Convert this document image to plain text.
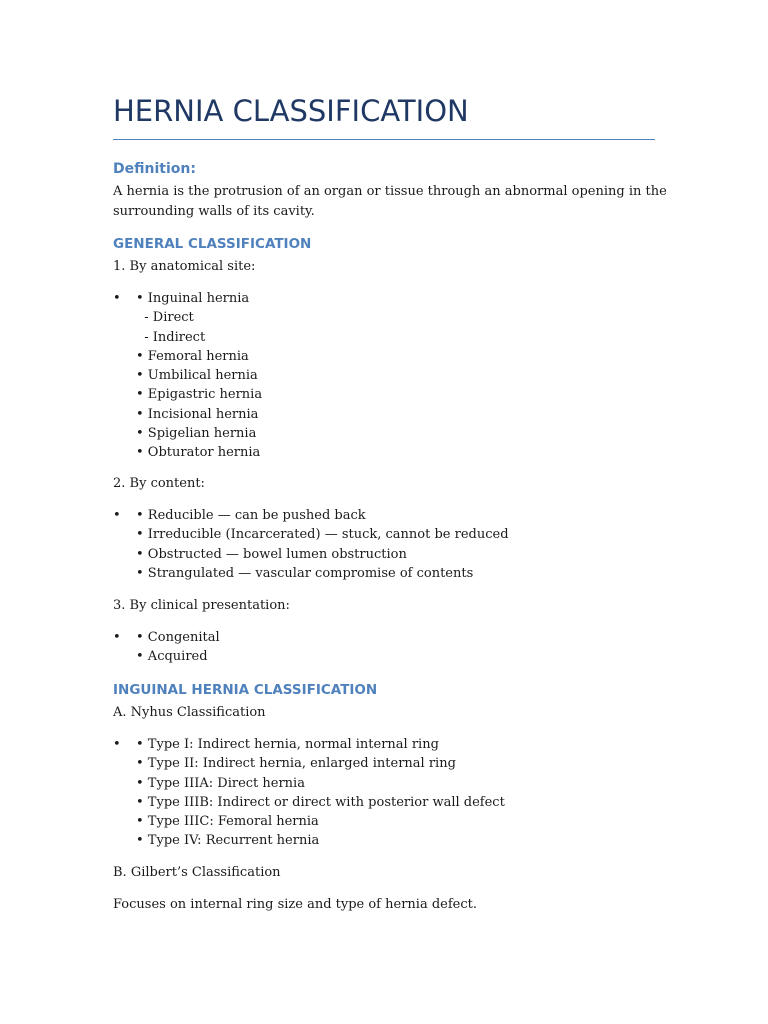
HERNIA CLASSIFICATION
Definition:

A hernia is the protrusion of an organ or tissue through an abnormal opening in the

surrounding walls of its cavity.

GENERAL CLASSIFICATION

1. By anatomical site:

• • Inguinal hernia
- Direct
- Indirect
• Femoral hernia
• Umbilical hernia
• Epigastric hernia
• Incisional hernia
• Spigelian hernia
• Obturator hernia

2. By content:

• • Reducible — can be pushed back
• Irreducible (Incarcerated) — stuck, cannot be reduced
• Obstructed — bowel lumen obstruction
• Strangulated — vascular compromise of contents

3. By clinical presentation:

• • Congenital
• Acquired
INGUINAL HERNIA CLASSIFICATION

A. Nyhus Classification

• • Type I: Indirect hernia, normal internal ring
• Type II: Indirect hernia, enlarged internal ring
• Type IIIA: Direct hernia
• Type IIIB: Indirect or direct with posterior wall defect
• Type IIIC: Femoral hernia
• Type IV: Recurrent hernia

B. Gilbert’s Classification

Focuses on internal ring size and type of hernia defect.
